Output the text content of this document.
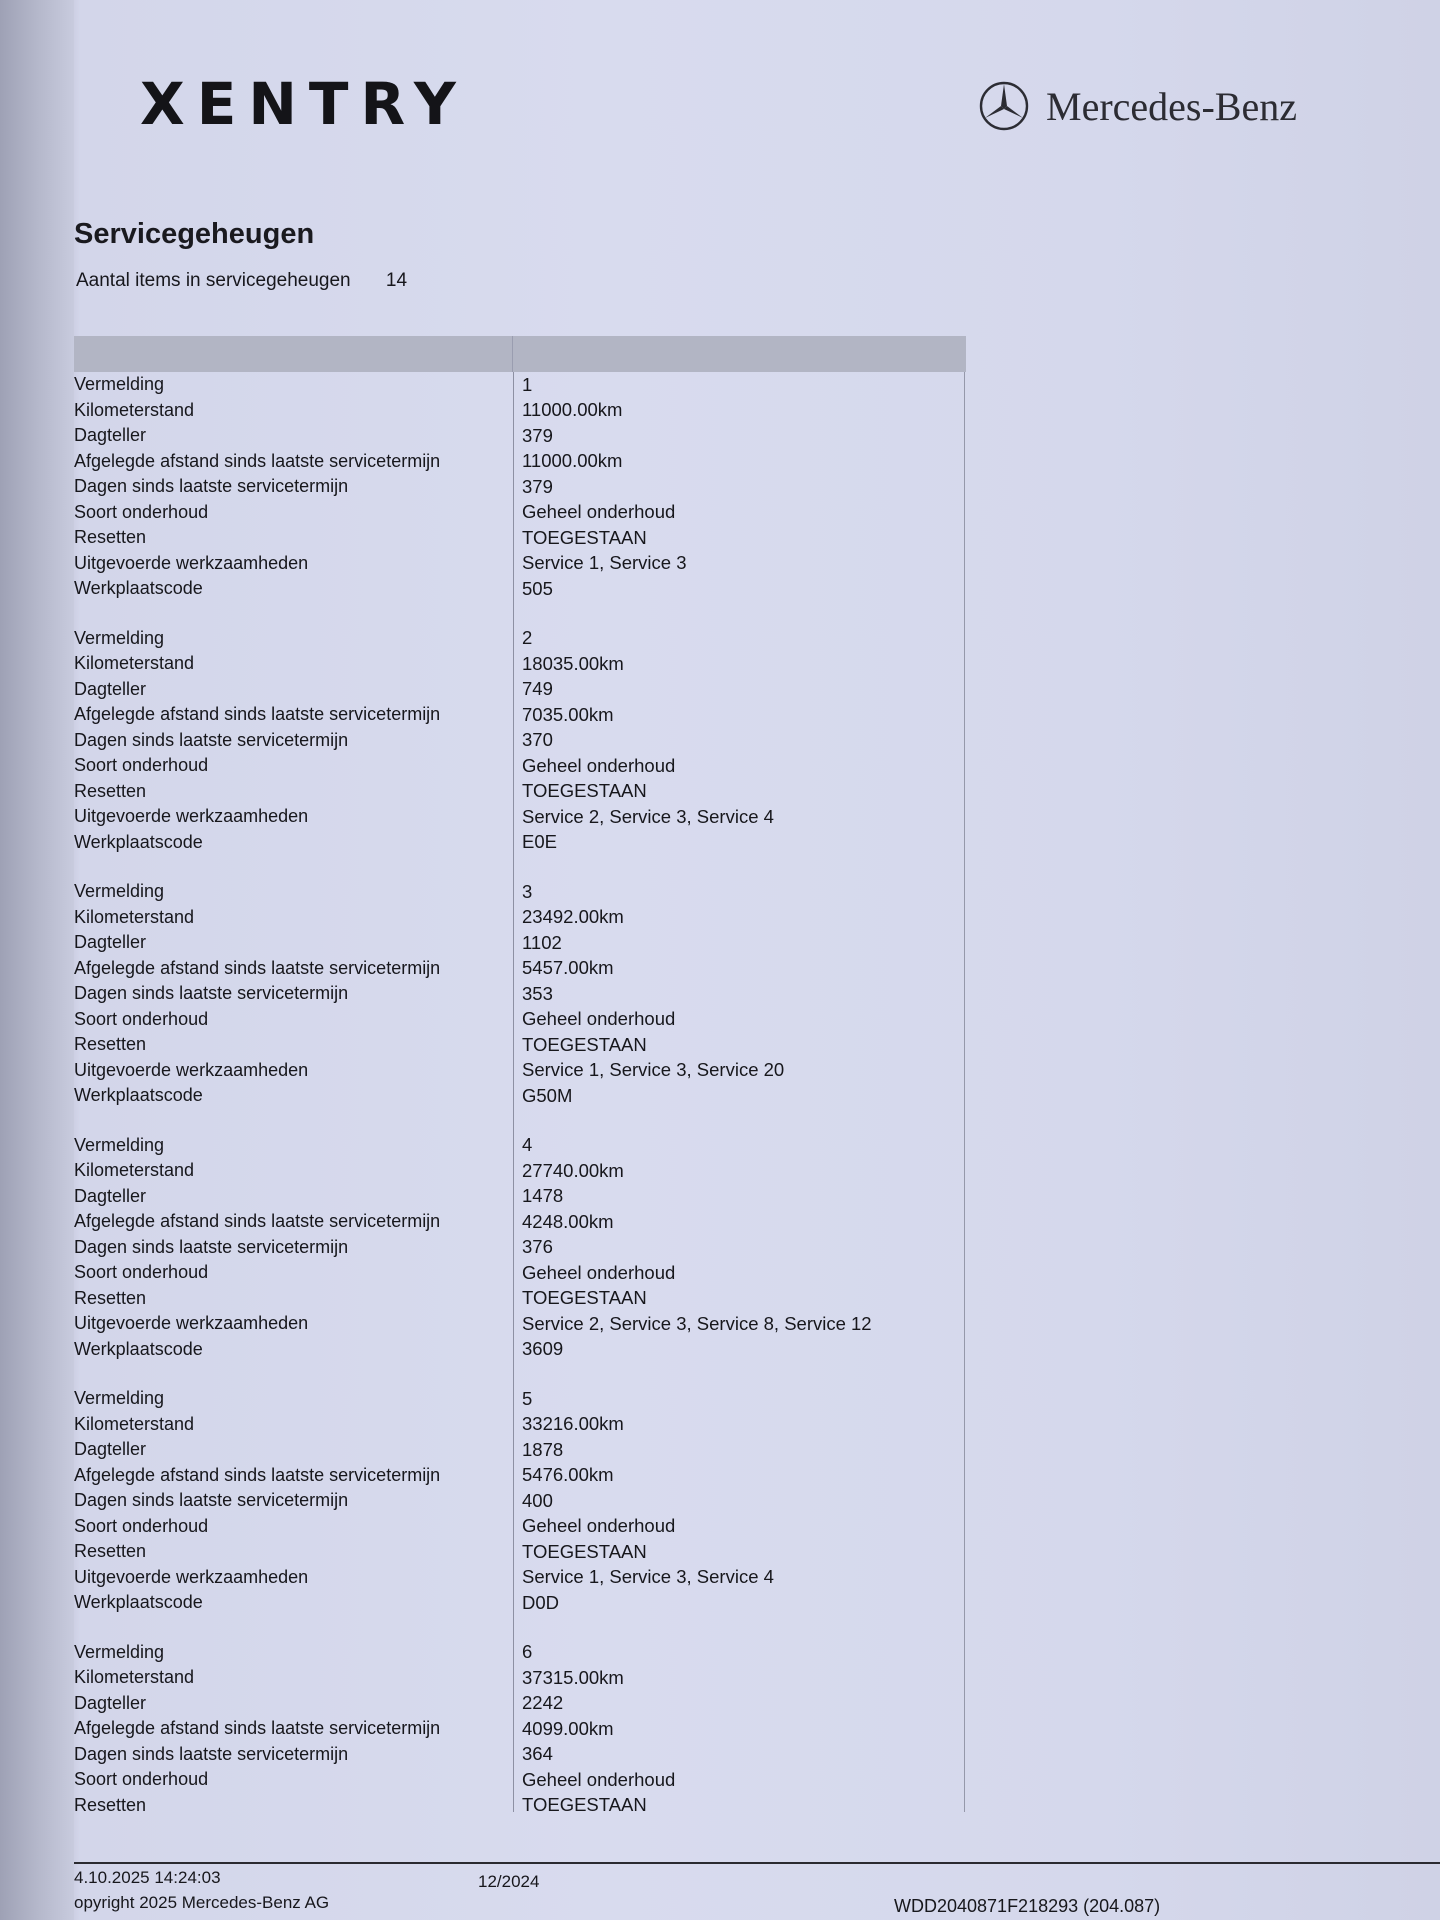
XENTRY	Mercedes-Benz
Servicegeheugen
Aantal items in servicegeheugen 14
Vermelding	1
Kilometerstand	11000.00km
Dagteller	379
Afgelegde afstand sinds laatste servicetermijn	11000.00km
Dagen sinds laatste servicetermijn	379
Soort onderhoud	Geheel onderhoud
Resetten	TOEGESTAAN
Uitgevoerde werkzaamheden	Service 1, Service 3
Werkplaatscode	505
Vermelding	2
Kilometerstand	18035.00km
Dagteller	749
Afgelegde afstand sinds laatste servicetermijn	7035.00km
Dagen sinds laatste servicetermijn	370
Soort onderhoud	Geheel onderhoud
Resetten	TOEGESTAAN
Uitgevoerde werkzaamheden	Service 2, Service 3, Service 4
Werkplaatscode	E0E
Vermelding	3
Kilometerstand	23492.00km
Dagteller	1102
Afgelegde afstand sinds laatste servicetermijn	5457.00km
Dagen sinds laatste servicetermijn	353
Soort onderhoud	Geheel onderhoud
Resetten	TOEGESTAAN
Uitgevoerde werkzaamheden	Service 1, Service 3, Service 20
Werkplaatscode	G50M
Vermelding	4
Kilometerstand	27740.00km
Dagteller	1478
Afgelegde afstand sinds laatste servicetermijn	4248.00km
Dagen sinds laatste servicetermijn	376
Soort onderhoud	Geheel onderhoud
Resetten	TOEGESTAAN
Uitgevoerde werkzaamheden	Service 2, Service 3, Service 8, Service 12
Werkplaatscode	3609
Vermelding	5
Kilometerstand	33216.00km
Dagteller	1878
Afgelegde afstand sinds laatste servicetermijn	5476.00km
Dagen sinds laatste servicetermijn	400
Soort onderhoud	Geheel onderhoud
Resetten	TOEGESTAAN
Uitgevoerde werkzaamheden	Service 1, Service 3, Service 4
Werkplaatscode	D0D
Vermelding	6
Kilometerstand	37315.00km
Dagteller	2242
Afgelegde afstand sinds laatste servicetermijn	4099.00km
Dagen sinds laatste servicetermijn	364
Soort onderhoud	Geheel onderhoud
Resetten	TOEGESTAAN
4.10.2025 14:24:03	12/2024
opyright 2025 Mercedes-Benz AG	WDD2040871F218293 (204.087)
